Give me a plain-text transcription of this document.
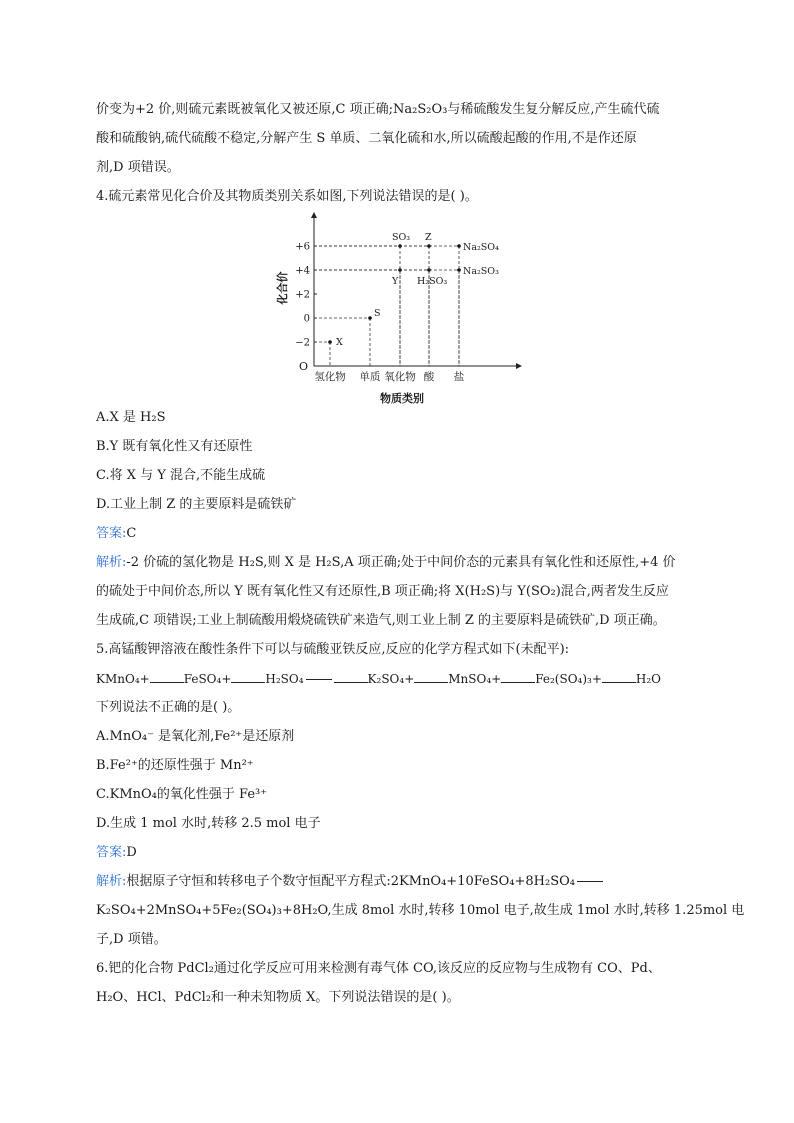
价变为+2 价,则硫元素既被氧化又被还原,C 项正确;Na₂S₂O₃与稀硫酸发生复分解反应,产生硫代硫
酸和硫酸钠,硫代硫酸不稳定,分解产生 S 单质、二氧化硫和水,所以硫酸起酸的作用,不是作还原
剂,D 项错误。
4.硫元素常见化合价及其物质类别关系如图,下列说法错误的是( )。
O
+6
+4
+2
0
−2
化合价
氢化物 单质 氧化物 酸 盐
物质类别
X
S
Y
SO₃
H₂SO₃
Z
Na₂SO₃
Na₂SO₄
A.X 是 H₂S
B.Y 既有氧化性又有还原性
C.将 X 与 Y 混合,不能生成硫
D.工业上制 Z 的主要原料是硫铁矿
答案:C
解析:-2 价硫的氢化物是 H₂S,则 X 是 H₂S,A 项正确;处于中间价态的元素具有氧化性和还原性,+4 价
的硫处于中间价态,所以 Y 既有氧化性又有还原性,B 项正确;将 X(H₂S)与 Y(SO₂)混合,两者发生反应
生成硫,C 项错误;工业上制硫酸用煅烧硫铁矿来造气,则工业上制 Z 的主要原料是硫铁矿,D 项正确。
5.高锰酸钾溶液在酸性条件下可以与硫酸亚铁反应,反应的化学方程式如下(未配平):
KMnO₄+	FeSO₄+	H₂SO₄	K₂SO₄+	MnSO₄+	Fe₂(SO₄)₃+	H₂O
下列说法不正确的是( )。
A.MnO₄⁻ 是氧化剂,Fe²⁺是还原剂
B.Fe²⁺的还原性强于 Mn²⁺
C.KMnO₄的氧化性强于 Fe³⁺
D.生成 1 mol 水时,转移 2.5 mol 电子
答案:D
解析:根据原子守恒和转移电子个数守恒配平方程式:2KMnO₄+10FeSO₄+8H₂SO₄
K₂SO₄+2MnSO₄+5Fe₂(SO₄)₃+8H₂O,生成 8mol 水时,转移 10mol 电子,故生成 1mol 水时,转移 1.25mol 电
子,D 项错。
6.钯的化合物 PdCl₂通过化学反应可用来检测有毒气体 CO,该反应的反应物与生成物有 CO、Pd、
H₂O、HCl、PdCl₂和一种未知物质 X。下列说法错误的是( )。
